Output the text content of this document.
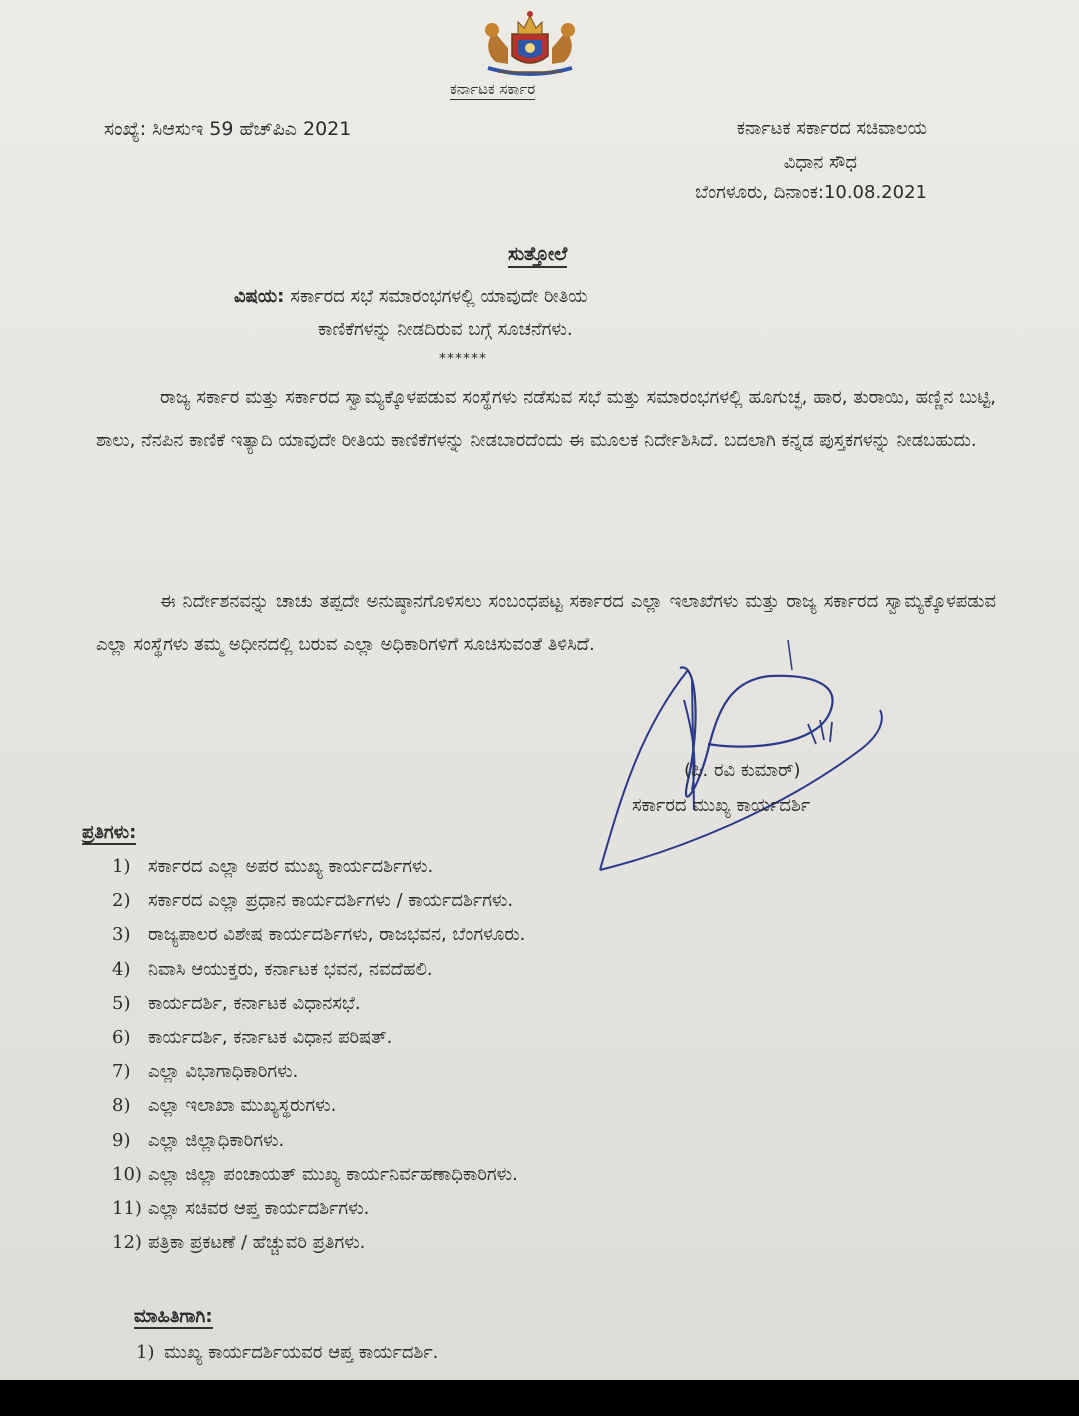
ಕರ್ನಾಟಕ ಸರ್ಕಾರ
ಸಂಖ್ಯೆ: ಸಿಆಸುಇ 59 ಹೆಚ್‌ಪಿಎ 2021	ಕರ್ನಾಟಕ ಸರ್ಕಾರದ ಸಚಿವಾಲಯ
ವಿಧಾನ ಸೌಧ
ಬೆಂಗಳೂರು, ದಿನಾಂಕ:10.08.2021
ಸುತ್ತೋಲೆ
ವಿಷಯ: ಸರ್ಕಾರದ ಸಭೆ ಸಮಾರಂಭಗಳಲ್ಲಿ ಯಾವುದೇ ರೀತಿಯ
ಕಾಣಿಕೆಗಳನ್ನು ನೀಡದಿರುವ ಬಗ್ಗೆ ಸೂಚನೆಗಳು.
******
ರಾಜ್ಯ ಸರ್ಕಾರ ಮತ್ತು ಸರ್ಕಾರದ ಸ್ವಾಮ್ಯಕ್ಕೊಳಪಡುವ ಸಂಸ್ಥೆಗಳು ನಡೆಸುವ ಸಭೆ ಮತ್ತು ಸಮಾರಂಭಗಳಲ್ಲಿ ಹೂಗುಚ್ಛ, ಹಾರ, ತುರಾಯಿ, ಹಣ್ಣಿನ ಬುಟ್ಟಿ, ಶಾಲು, ನೆನಪಿನ ಕಾಣಿಕೆ ಇತ್ಯಾದಿ ಯಾವುದೇ ರೀತಿಯ ಕಾಣಿಕೆಗಳನ್ನು ನೀಡಬಾರದೆಂದು ಈ ಮೂಲಕ ನಿರ್ದೇಶಿಸಿದೆ. ಬದಲಾಗಿ ಕನ್ನಡ ಪುಸ್ತಕಗಳನ್ನು ನೀಡಬಹುದು.
ಈ ನಿರ್ದೇಶನವನ್ನು ಚಾಚು ತಪ್ಪದೇ ಅನುಷ್ಠಾನಗೊಳಿಸಲು ಸಂಬಂಧಪಟ್ಟ ಸರ್ಕಾರದ ಎಲ್ಲಾ ಇಲಾಖೆಗಳು ಮತ್ತು ರಾಜ್ಯ ಸರ್ಕಾರದ ಸ್ವಾಮ್ಯಕ್ಕೊಳಪಡುವ ಎಲ್ಲಾ ಸಂಸ್ಥೆಗಳು ತಮ್ಮ ಅಧೀನದಲ್ಲಿ ಬರುವ ಎಲ್ಲಾ ಅಧಿಕಾರಿಗಳಿಗೆ ಸೂಚಿಸುವಂತೆ ತಿಳಿಸಿದೆ.
(ಪಿ. ರವಿ ಕುಮಾರ್)
ಸರ್ಕಾರದ ಮುಖ್ಯ ಕಾರ್ಯದರ್ಶಿ
ಪ್ರತಿಗಳು:
1) ಸರ್ಕಾರದ ಎಲ್ಲಾ ಅಪರ ಮುಖ್ಯ ಕಾರ್ಯದರ್ಶಿಗಳು.
2) ಸರ್ಕಾರದ ಎಲ್ಲಾ ಪ್ರಧಾನ ಕಾರ್ಯದರ್ಶಿಗಳು / ಕಾರ್ಯದರ್ಶಿಗಳು.
3) ರಾಜ್ಯಪಾಲರ ವಿಶೇಷ ಕಾರ್ಯದರ್ಶಿಗಳು, ರಾಜಭವನ, ಬೆಂಗಳೂರು.
4) ನಿವಾಸಿ ಆಯುಕ್ತರು, ಕರ್ನಾಟಕ ಭವನ, ನವದೆಹಲಿ.
5) ಕಾರ್ಯದರ್ಶಿ, ಕರ್ನಾಟಕ ವಿಧಾನಸಭೆ.
6) ಕಾರ್ಯದರ್ಶಿ, ಕರ್ನಾಟಕ ವಿಧಾನ ಪರಿಷತ್.
7) ಎಲ್ಲಾ ವಿಭಾಗಾಧಿಕಾರಿಗಳು.
8) ಎಲ್ಲಾ ಇಲಾಖಾ ಮುಖ್ಯಸ್ಥರುಗಳು.
9) ಎಲ್ಲಾ ಜಿಲ್ಲಾಧಿಕಾರಿಗಳು.
10) ಎಲ್ಲಾ ಜಿಲ್ಲಾ ಪಂಚಾಯತ್ ಮುಖ್ಯ ಕಾರ್ಯನಿರ್ವಹಣಾಧಿಕಾರಿಗಳು.
11) ಎಲ್ಲಾ ಸಚಿವರ ಆಪ್ತ ಕಾರ್ಯದರ್ಶಿಗಳು.
12) ಪತ್ರಿಕಾ ಪ್ರಕಟಣೆ / ಹೆಚ್ಚುವರಿ ಪ್ರತಿಗಳು.
ಮಾಹಿತಿಗಾಗಿ:
1) ಮುಖ್ಯ ಕಾರ್ಯದರ್ಶಿಯವರ ಆಪ್ತ ಕಾರ್ಯದರ್ಶಿ.
